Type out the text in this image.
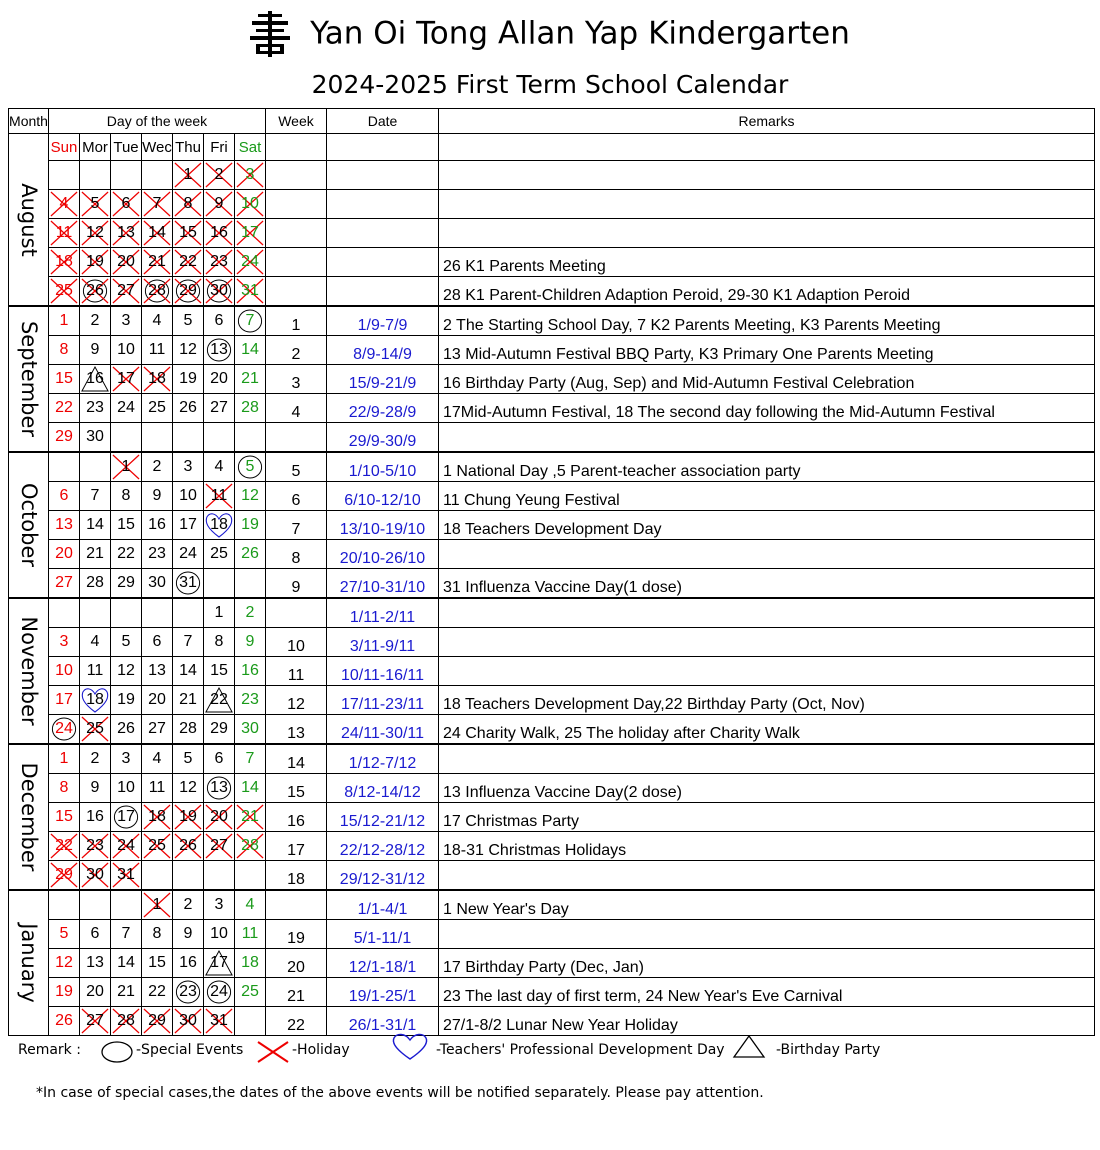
Yan Oi Tong Allan Yap Kindergarten
2024-2025 First Term School Calendar
Month	Day of the week							Week	Date	Remarks

August	Sun	Mor	Tue	Wec	Thu	Fri	Sat			
					1	2	3

	4	5	6	7	8	9	10

	11	12	13	14	15	16	17

	18	19	20	21	22	23	24			26 K1 Parents Meeting
	25	26	27	28	29	30	31			28 K1 Parent-Children Adaption Peroid, 29-30 K1 Adaption Peroid

September	1	2	3	4	5	6	7	1	1/9-7/9	2 The Starting School Day, 7 K2 Parents Meeting, K3 Parents Meeting
	8	9	10	11	12	13	14	2	8/9-14/9	13 Mid-Autumn Festival BBQ Party, K3 Primary One Parents Meeting
	15	16	17	18	19	20	21	3	15/9-21/9	16 Birthday Party (Aug, Sep) and Mid-Autumn Festival Celebration
	22	23	24	25	26	27	28	4	22/9-28/9	17Mid-Autumn Festival, 18 The second day following the Mid-Autumn Festival
	29	30							29/9-30/9	

October			1	2	3	4	5	5	1/10-5/10	1 National Day ,5 Parent-teacher association party
	6	7	8	9	10	11	12	6	6/10-12/10	11 Chung Yeung Festival
	13	14	15	16	17	18	19	7	13/10-19/10	18 Teachers Development Day
	20	21	22	23	24	25	26	8	20/10-26/10	
	27	28	29	30	31			9	27/10-31/10	31 Influenza Vaccine Day(1 dose)

November						1	2		1/11-2/11	
	3	4	5	6	7	8	9	10	3/11-9/11	
	10	11	12	13	14	15	16	11	10/11-16/11	
	17	18	19	20	21	22	23	12	17/11-23/11	18 Teachers Development Day,22 Birthday Party (Oct, Nov)
	24	25	26	27	28	29	30	13	24/11-30/11	24 Charity Walk, 25 The holiday after Charity Walk

December	1	2	3	4	5	6	7	14	1/12-7/12	
	8	9	10	11	12	13	14	15	8/12-14/12	13 Influenza Vaccine Day(2 dose)
	15	16	17	18	19	20	21	16	15/12-21/12	17 Christmas Party
	22	23	24	25	26	27	28	17	22/12-28/12	18-31 Christmas Holidays
	29	30	31					18	29/12-31/12	

January				1	2	3	4		1/1-4/1	1 New Year's Day
	5	6	7	8	9	10	11	19	5/1-11/1	
	12	13	14	15	16	17	18	20	12/1-18/1	17 Birthday Party (Dec, Jan)
	19	20	21	22	23	24	25	21	19/1-25/1	23 The last day of first term, 24 New Year's Eve Carnival
	26	27	28	29	30	31		22	26/1-31/1	27/1-8/2 Lunar New Year Holiday
Remark :	-Special Events	-Holiday	-Teachers' Professional Development Day	-Birthday Party
*In case of special cases,the dates of the above events will be notified separately. Please pay attention.
